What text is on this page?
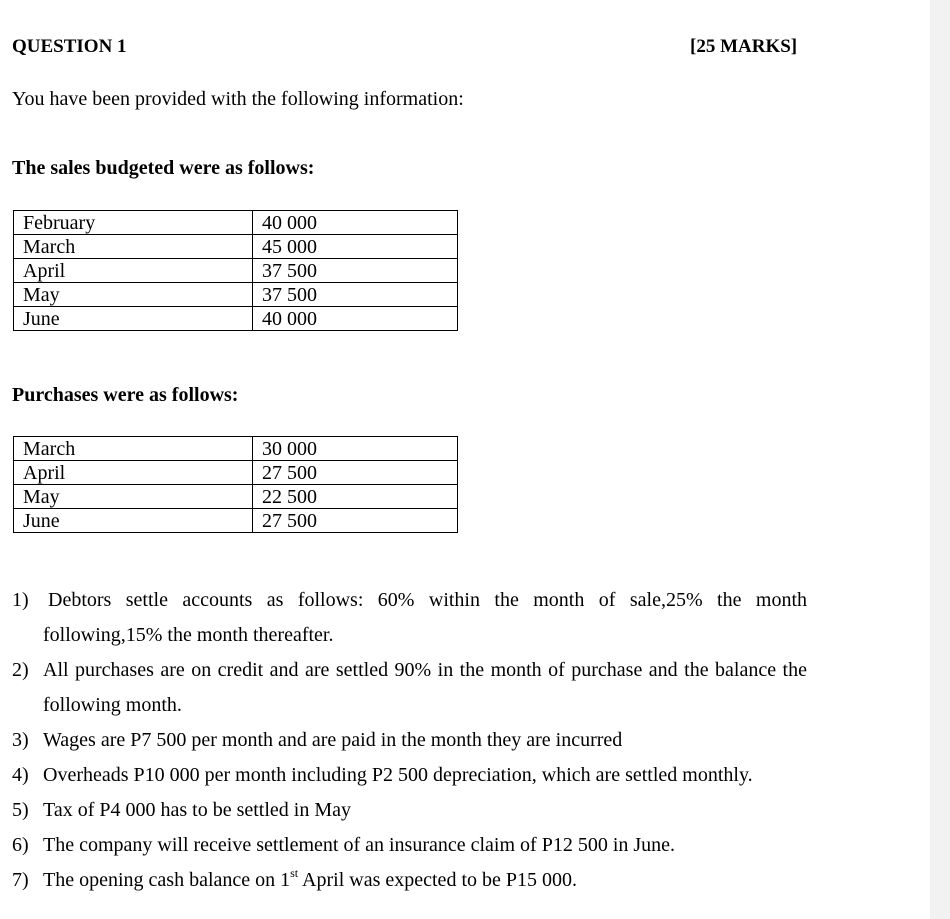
QUESTION 1	[25 MARKS]
You have been provided with the following information:
The sales budgeted were as follows:
February	40 000
March	45 000
April	37 500
May	37 500
June	40 000
Purchases were as follows:
March	30 000
April	27 500
May	22 500
June	27 500
1) Debtors settle accounts as follows: 60% within the month of sale,25% the month following,15% the month thereafter.
2) All purchases are on credit and are settled 90% in the month of purchase and the balance the following month.
3) Wages are P7 500 per month and are paid in the month they are incurred
4) Overheads P10 000 per month including P2 500 depreciation, which are settled monthly.
5) Tax of P4 000 has to be settled in May
6) The company will receive settlement of an insurance claim of P12 500 in June.
7) The opening cash balance on 1st April was expected to be P15 000.
